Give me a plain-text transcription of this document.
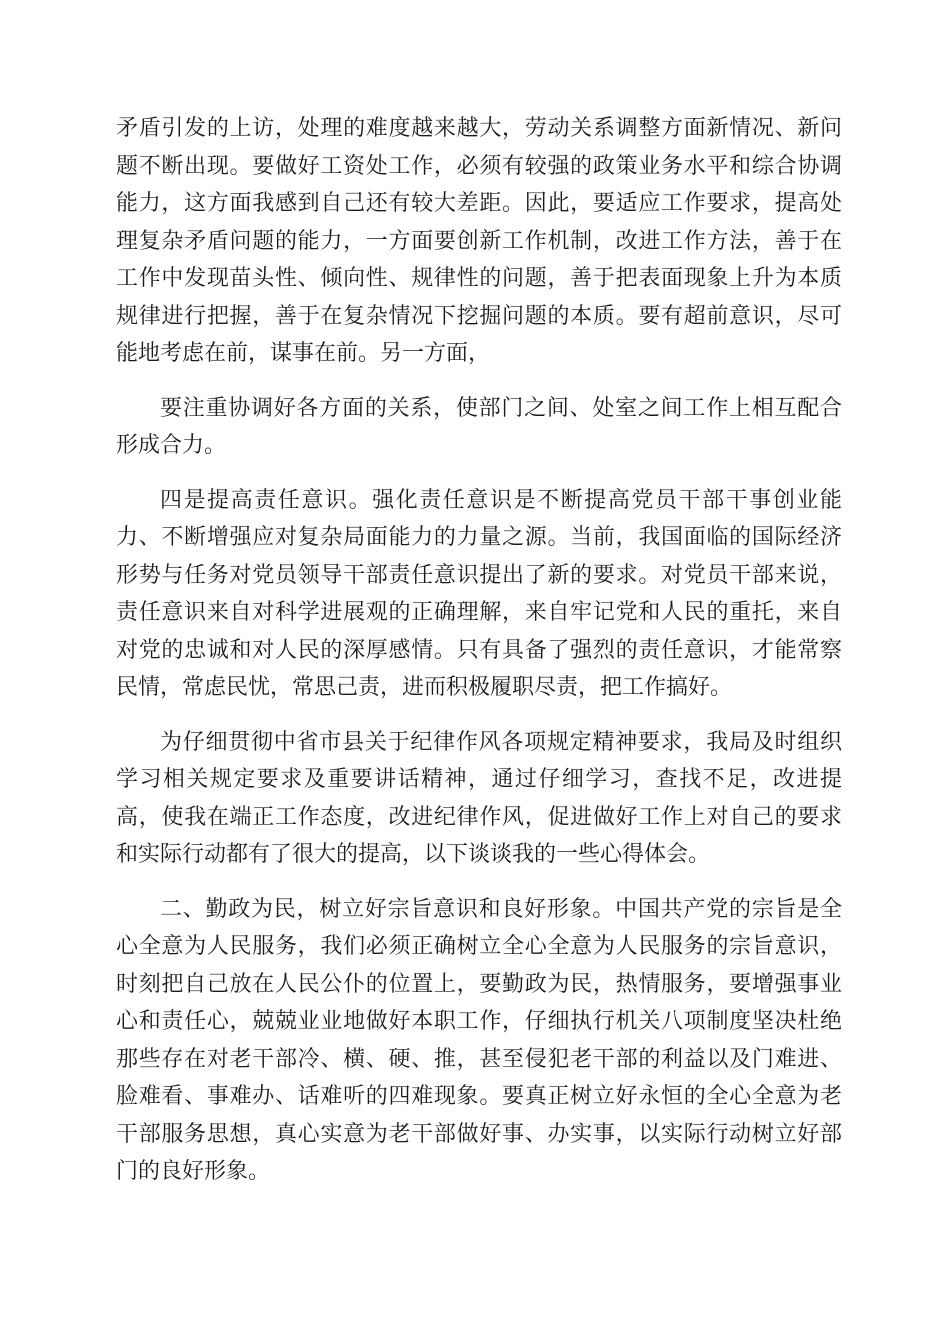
矛盾引发的上访，处理的难度越来越大，劳动关系调整方面新情况、新问
题不断出现。要做好工资处工作，必须有较强的政策业务水平和综合协调
能力，这方面我感到自己还有较大差距。因此，要适应工作要求，提高处
理复杂矛盾问题的能力，一方面要创新工作机制，改进工作方法，善于在
工作中发现苗头性、倾向性、规律性的问题，善于把表面现象上升为本质
规律进行把握，善于在复杂情况下挖掘问题的本质。要有超前意识，尽可
能地考虑在前，谋事在前。另一方面，
要注重协调好各方面的关系，使部门之间、处室之间工作上相互配合
形成合力。
四是提高责任意识。强化责任意识是不断提高党员干部干事创业能
力、不断增强应对复杂局面能力的力量之源。当前，我国面临的国际经济
形势与任务对党员领导干部责任意识提出了新的要求。对党员干部来说，
责任意识来自对科学进展观的正确理解，来自牢记党和人民的重托，来自
对党的忠诚和对人民的深厚感情。只有具备了强烈的责任意识，才能常察
民情，常虑民忧，常思己责，进而积极履职尽责，把工作搞好。
为仔细贯彻中省市县关于纪律作风各项规定精神要求，我局及时组织
学习相关规定要求及重要讲话精神，通过仔细学习，查找不足，改进提
高，使我在端正工作态度，改进纪律作风，促进做好工作上对自己的要求
和实际行动都有了很大的提高，以下谈谈我的一些心得体会。
二、勤政为民，树立好宗旨意识和良好形象。中国共产党的宗旨是全
心全意为人民服务，我们必须正确树立全心全意为人民服务的宗旨意识，
时刻把自己放在人民公仆的位置上，要勤政为民，热情服务，要增强事业
心和责任心，兢兢业业地做好本职工作，仔细执行机关八项制度坚决杜绝
那些存在对老干部冷、横、硬、推，甚至侵犯老干部的利益以及门难进、
脸难看、事难办、话难听的四难现象。要真正树立好永恒的全心全意为老
干部服务思想，真心实意为老干部做好事、办实事，以实际行动树立好部
门的良好形象。
